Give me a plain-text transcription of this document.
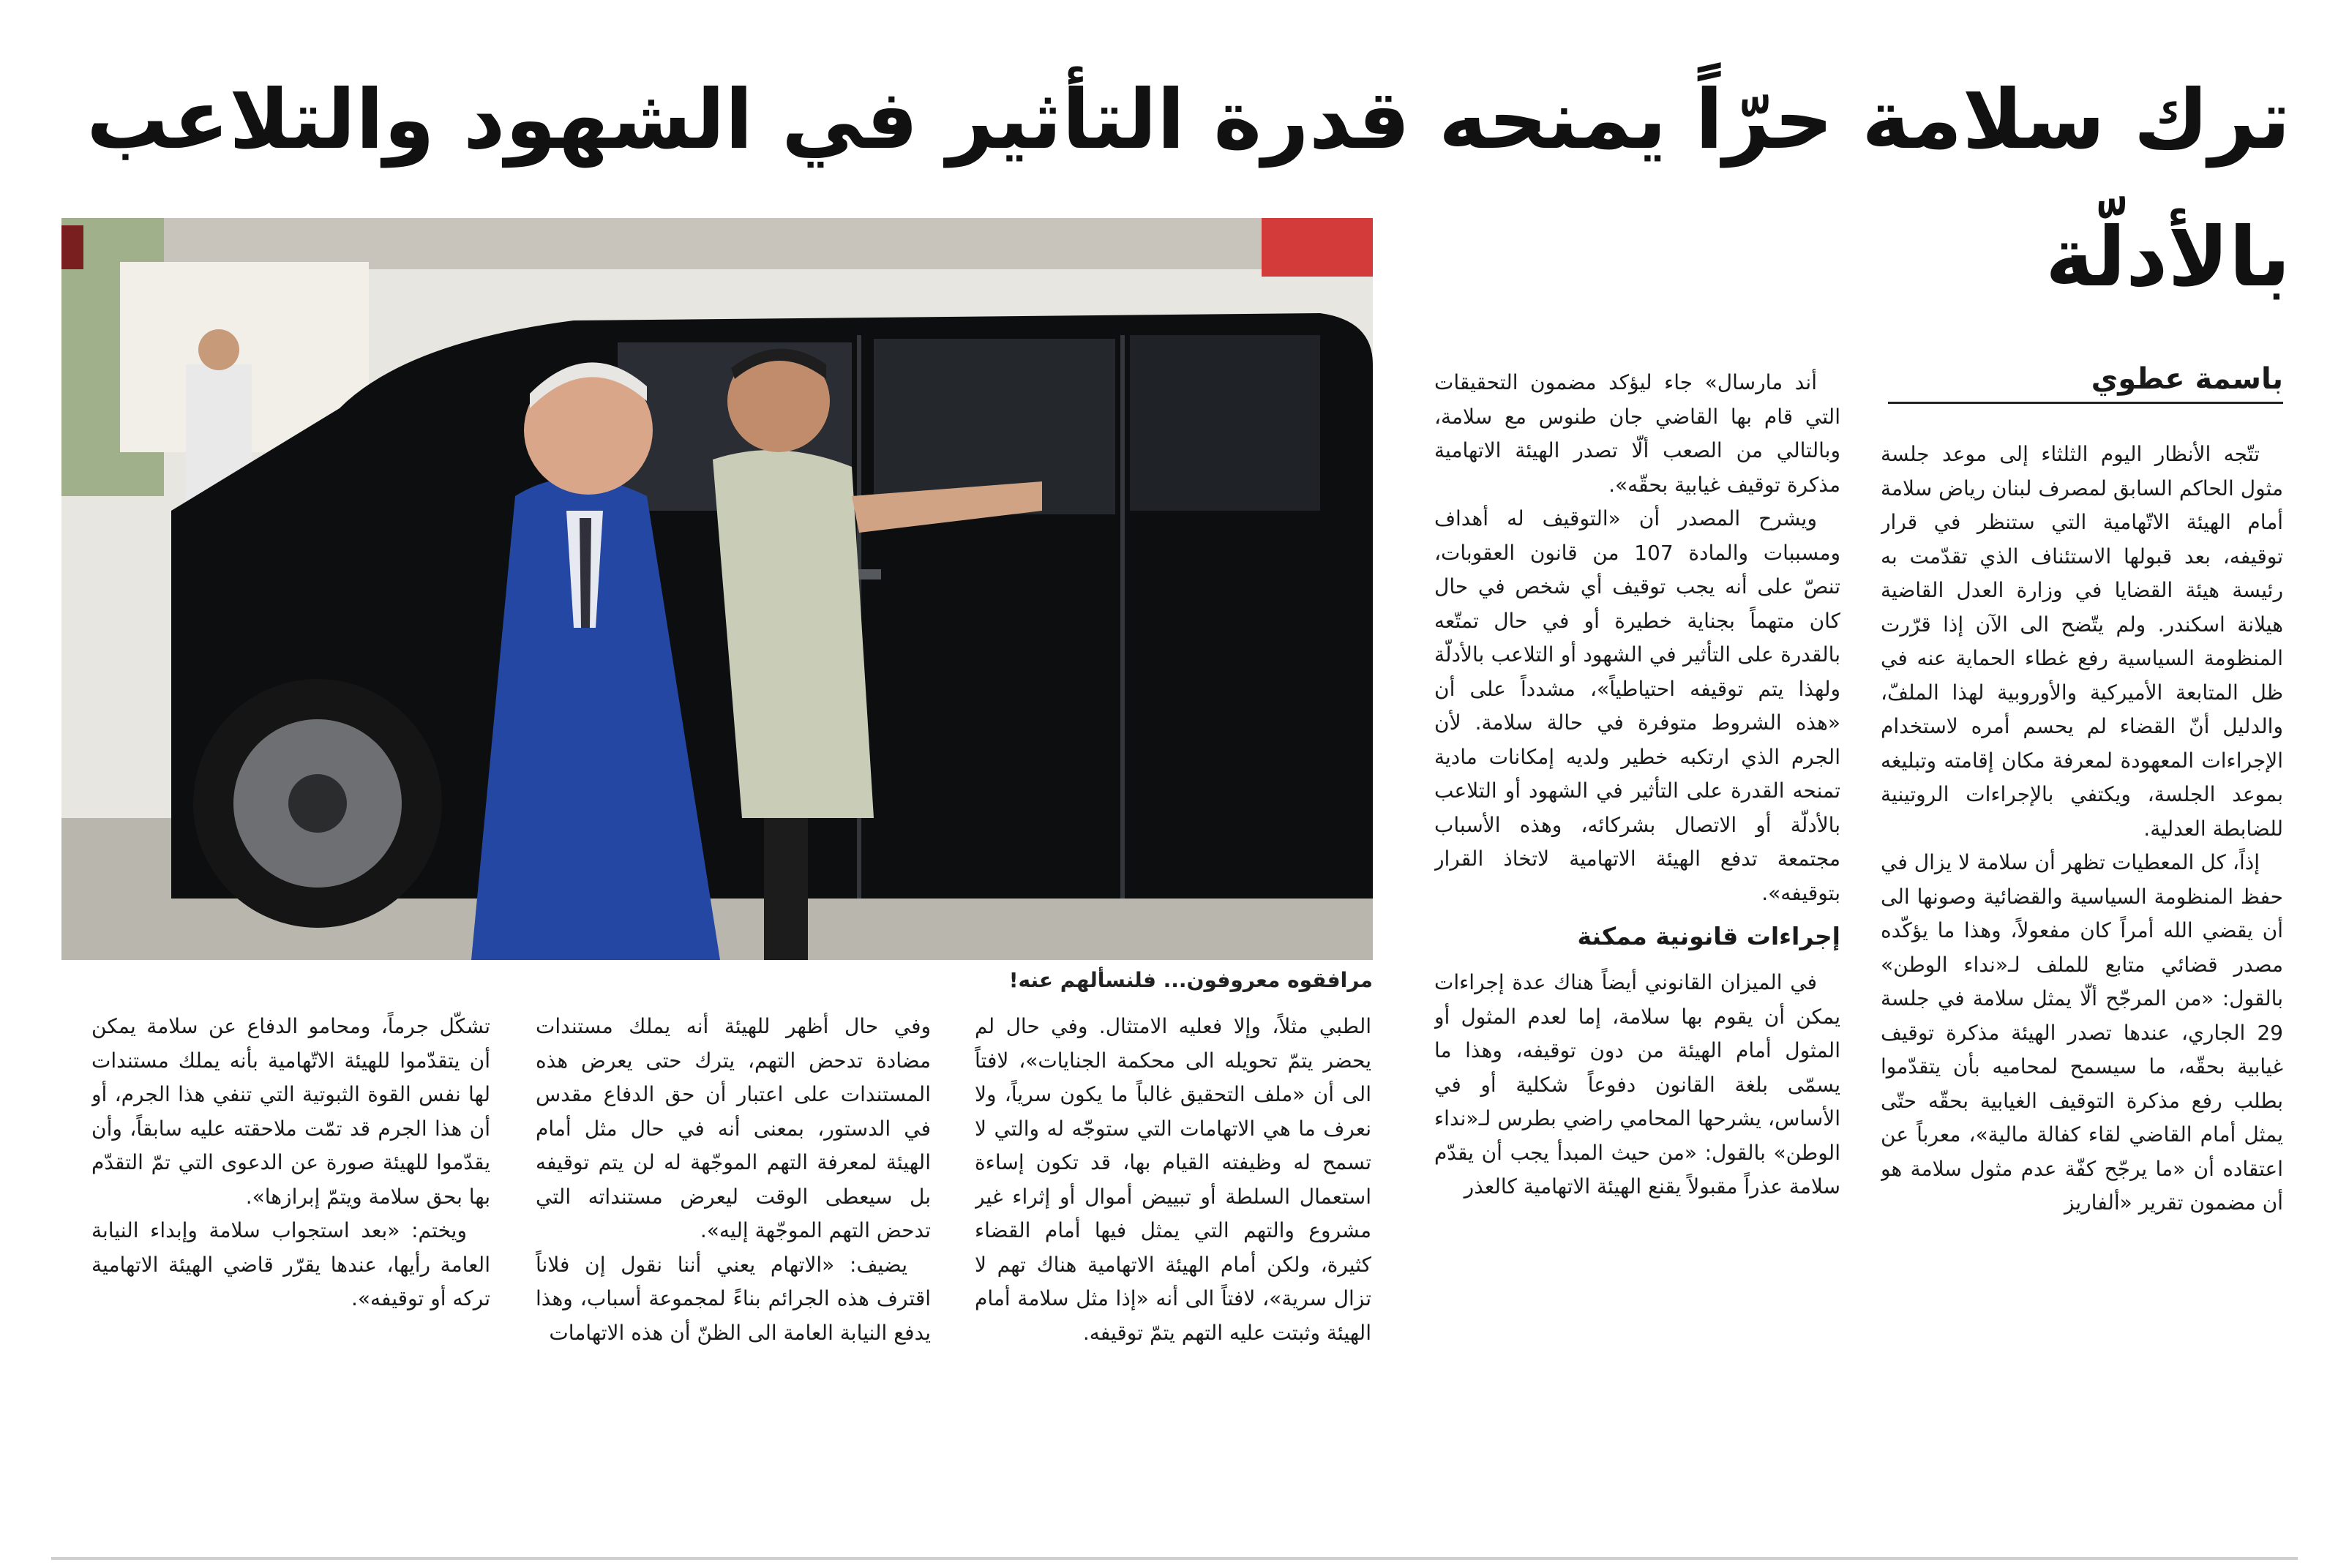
ترك سلامة حرّاً يمنحه قدرة التأثير في الشهود والتلاعب بالأدلّة
باسمة عطوي

تتّجه الأنظار اليوم الثلثاء إلى موعد جلسة مثول الحاكم السابق لمصرف لبنان رياض سلامة أمام الهيئة الاتّهامية التي ستنظر في قرار توقيفه، بعد قبولها الاستئناف الذي تقدّمت به رئيسة هيئة القضايا في وزارة العدل القاضية هيلانة اسكندر. ولم يتّضح الى الآن إذا قرّرت المنظومة السياسية رفع غطاء الحماية عنه في ظل المتابعة الأميركية والأوروبية لهذا الملفّ، والدليل أنّ القضاء لم يحسم أمره لاستخدام الإجراءات المعهودة لمعرفة مكان إقامته وتبليغه بموعد الجلسة، ويكتفي بالإجراءات الروتينية للضابطة العدلية.

إذاً، كل المعطيات تظهر أن سلامة لا يزال في حفظ المنظومة السياسية والقضائية وصونها الى أن يقضي الله أمراً كان مفعولاً، وهذا ما يؤكّده مصدر قضائي متابع للملف لـ«نداء الوطن» بالقول: «من المرجّح ألّا يمثل سلامة في جلسة 29 الجاري، عندها تصدر الهيئة مذكرة توقيف غيابية بحقّه، ما سيسمح لمحاميه بأن يتقدّموا بطلب رفع مذكرة التوقيف الغيابية بحقّه حتّى يمثل أمام القاضي لقاء كفالة مالية»، معرباً عن اعتقاده أن «ما يرجّح كفّة عدم مثول سلامة هو أن مضمون تقرير «ألفاريز

أند مارسال» جاء ليؤكد مضمون التحقيقات التي قام بها القاضي جان طنوس مع سلامة، وبالتالي من الصعب ألّا تصدر الهيئة الاتهامية مذكرة توقيف غيابية بحقّه».

ويشرح المصدر أن «التوقيف له أهداف ومسببات والمادة 107 من قانون العقوبات، تنصّ على أنه يجب توقيف أي شخص في حال كان متهماً بجناية خطيرة أو في حال تمتّعه بالقدرة على التأثير في الشهود أو التلاعب بالأدلّة ولهذا يتم توقيفه احتياطياً»، مشدداً على أن «هذه الشروط متوفرة في حالة سلامة. لأن الجرم الذي ارتكبه خطير ولديه إمكانات مادية تمنحه القدرة على التأثير في الشهود أو التلاعب بالأدلّة أو الاتصال بشركائه، وهذه الأسباب مجتمعة تدفع الهيئة الاتهامية لاتخاذ القرار بتوقيفه».

إجراءات قانونية ممكنة

في الميزان القانوني أيضاً هناك عدة إجراءات يمكن أن يقوم بها سلامة، إما لعدم المثول أو المثول أمام الهيئة من دون توقيفه، وهذا ما يسمّى بلغة القانون دفوعاً شكلية أو في الأساس، يشرحها المحامي راضي بطرس لـ«نداء الوطن» بالقول: «من حيث المبدأ يجب أن يقدّم سلامة عذراً مقبولاً يقنع الهيئة الاتهامية كالعذر

مرافقوه معروفون... فلنسألهم عنه!

الطبي مثلاً، وإلا فعليه الامتثال. وفي حال لم يحضر يتمّ تحويله الى محكمة الجنايات»، لافتاً الى أن «ملف التحقيق غالباً ما يكون سرياً، ولا نعرف ما هي الاتهامات التي ستوجّه له والتي لا تسمح له وظيفته القيام بها، قد تكون إساءة استعمال السلطة أو تبييض أموال أو إثراء غير مشروع والتهم التي يمثل فيها أمام القضاء كثيرة، ولكن أمام الهيئة الاتهامية هناك تهم لا تزال سرية»، لافتاً الى أنه «إذا مثل سلامة أمام الهيئة وثبتت عليه التهم يتمّ توقيفه.

وفي حال أظهر للهيئة أنه يملك مستندات مضادة تدحض التهم، يترك حتى يعرض هذه المستندات على اعتبار أن حق الدفاع مقدس في الدستور، بمعنى أنه في حال مثل أمام الهيئة لمعرفة التهم الموجّهة له لن يتم توقيفه بل سيعطى الوقت ليعرض مستنداته التي تدحض التهم الموجّهة إليه».

يضيف: «الاتهام يعني أننا نقول إن فلاناً اقترف هذه الجرائم بناءً لمجموعة أسباب، وهذا يدفع النيابة العامة الى الظنّ أن هذه الاتهامات

تشكّل جرماً، ومحامو الدفاع عن سلامة يمكن أن يتقدّموا للهيئة الاتّهامية بأنه يملك مستندات لها نفس القوة الثبوتية التي تنفي هذا الجرم، أو أن هذا الجرم قد تمّت ملاحقته عليه سابقاً، وأن يقدّموا للهيئة صورة عن الدعوى التي تمّ التقدّم بها بحق سلامة ويتمّ إبرازها».

ويختم: «بعد استجواب سلامة وإبداء النيابة العامة رأيها، عندها يقرّر قاضي الهيئة الاتهامية تركه أو توقيفه».
